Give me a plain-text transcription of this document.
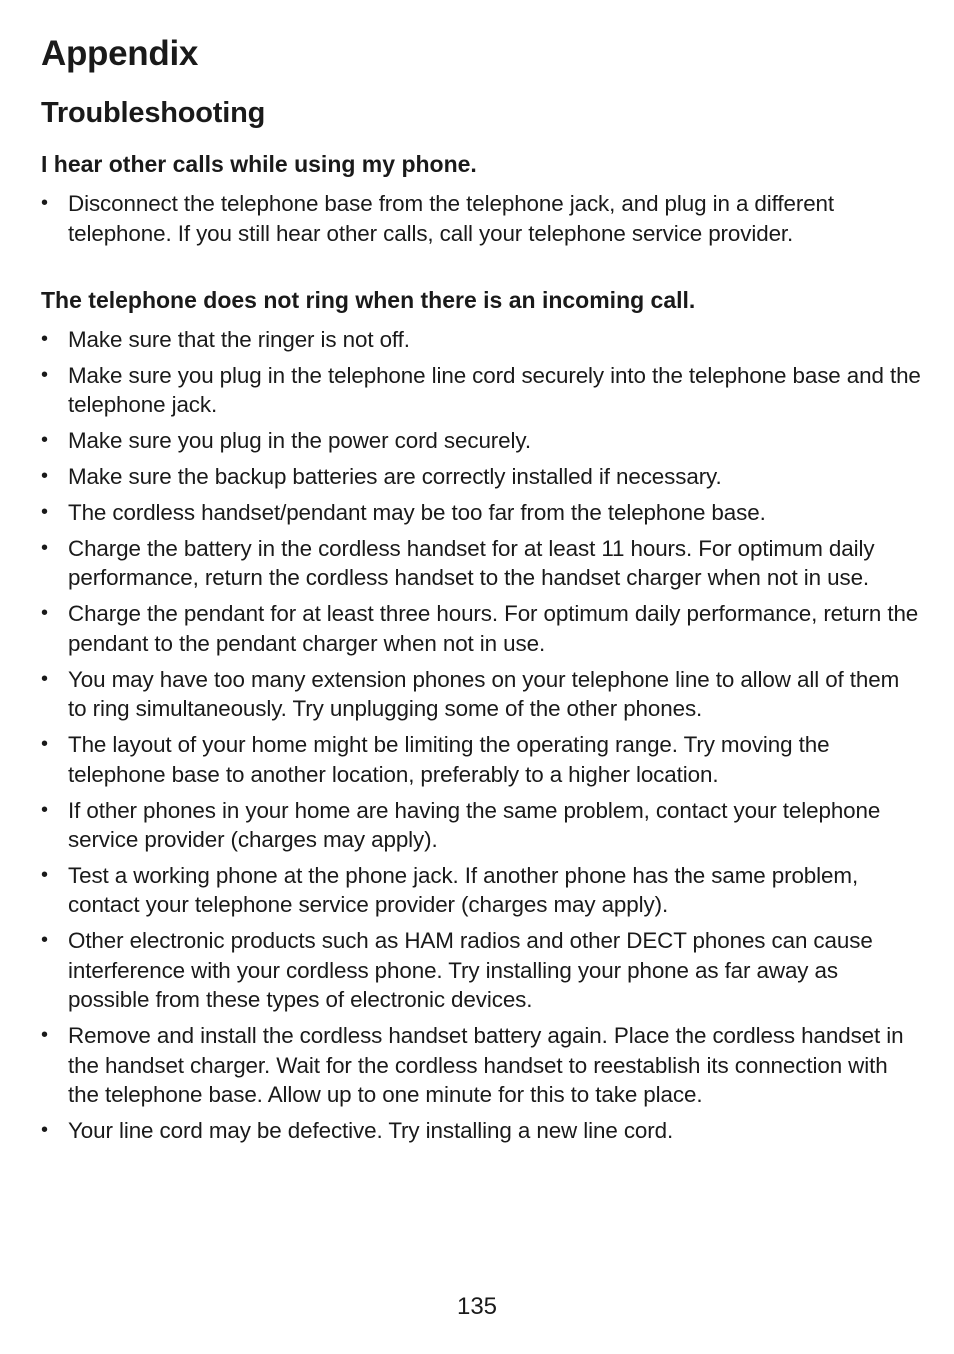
Appendix
Troubleshooting
I hear other calls while using my phone.
• Disconnect the telephone base from the telephone jack, and plug in a different telephone. If you still hear other calls, call your telephone service provider.
The telephone does not ring when there is an incoming call.
• Make sure that the ringer is not off.
• Make sure you plug in the telephone line cord securely into the telephone base and the telephone jack.
• Make sure you plug in the power cord securely.
• Make sure the backup batteries are correctly installed if necessary.
• The cordless handset/pendant may be too far from the telephone base.
• Charge the battery in the cordless handset for at least 11 hours. For optimum daily performance, return the cordless handset to the handset charger when not in use.
• Charge the pendant for at least three hours. For optimum daily performance, return the pendant to the pendant charger when not in use.
• You may have too many extension phones on your telephone line to allow all of them to ring simultaneously. Try unplugging some of the other phones.
• The layout of your home might be limiting the operating range. Try moving the telephone base to another location, preferably to a higher location.
• If other phones in your home are having the same problem, contact your telephone service provider (charges may apply).
• Test a working phone at the phone jack. If another phone has the same problem, contact your telephone service provider (charges may apply).
• Other electronic products such as HAM radios and other DECT phones can cause interference with your cordless phone. Try installing your phone as far away as possible from these types of electronic devices.
• Remove and install the cordless handset battery again. Place the cordless handset in the handset charger. Wait for the cordless handset to reestablish its connection with the telephone base. Allow up to one minute for this to take place.
• Your line cord may be defective. Try installing a new line cord.
135
